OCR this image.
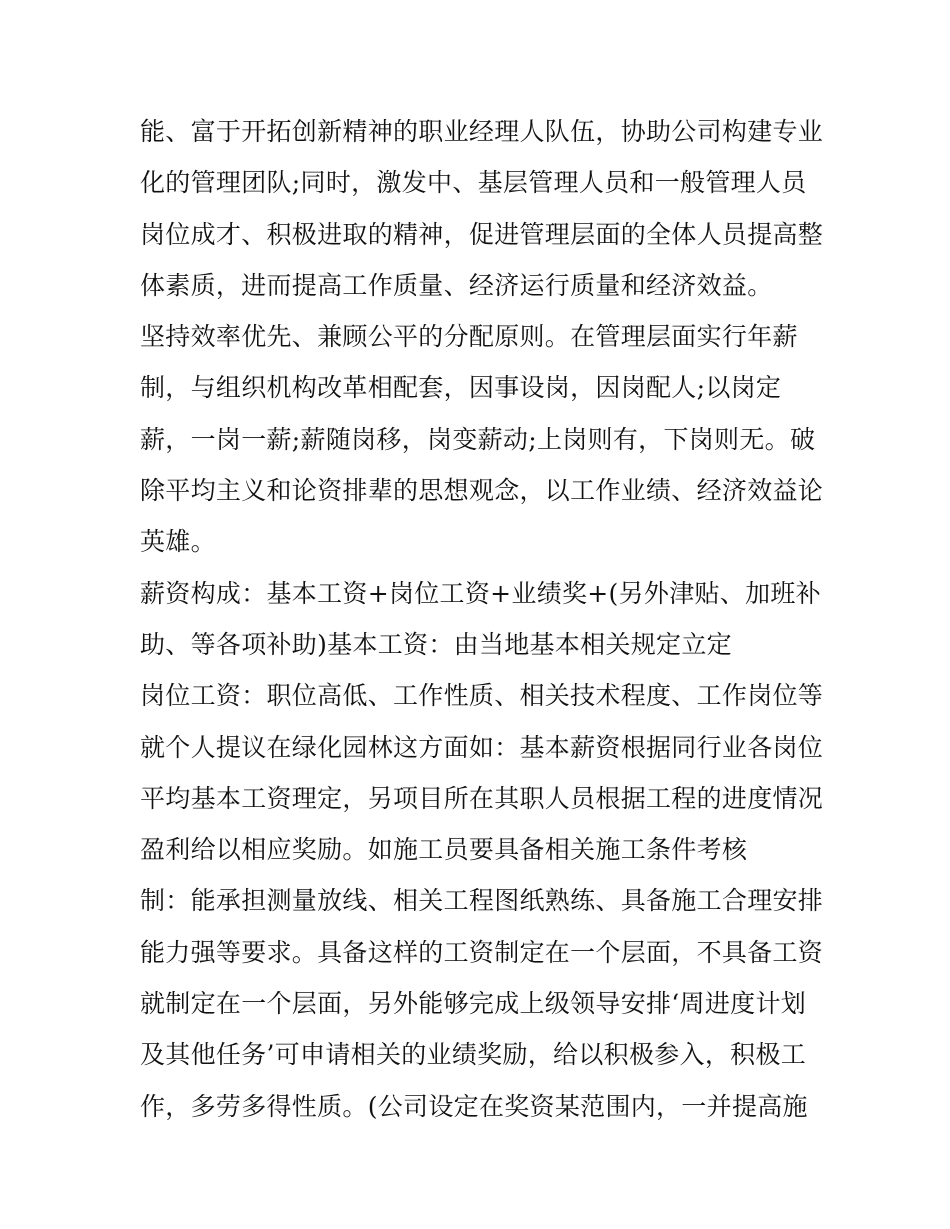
能、富于开拓创新精神的职业经理人队伍，协助公司构建专业
化的管理团队;同时，激发中、基层管理人员和一般管理人员
岗位成才、积极进取的精神，促进管理层面的全体人员提高整
体素质，进而提高工作质量、经济运行质量和经济效益。
坚持效率优先、兼顾公平的分配原则。在管理层面实行年薪
制，与组织机构改革相配套，因事设岗，因岗配人;以岗定
薪，一岗一薪;薪随岗移，岗变薪动;上岗则有，下岗则无。破
除平均主义和论资排辈的思想观念，以工作业绩、经济效益论
英雄。
薪资构成：基本工资+岗位工资+业绩奖+(另外津贴、加班补
助、等各项补助)基本工资：由当地基本相关规定立定
岗位工资：职位高低、工作性质、相关技术程度、工作岗位等
就个人提议在绿化园林这方面如：基本薪资根据同行业各岗位
平均基本工资理定，另项目所在其职人员根据工程的进度情况
盈利给以相应奖励。如施工员要具备相关施工条件考核
制：能承担测量放线、相关工程图纸熟练、具备施工合理安排
能力强等要求。具备这样的工资制定在一个层面，不具备工资
就制定在一个层面，另外能够完成上级领导安排‘周进度计划
及其他任务’可申请相关的业绩奖励，给以积极参入，积极工
作，多劳多得性质。(公司设定在奖资某范围内，一并提高施
